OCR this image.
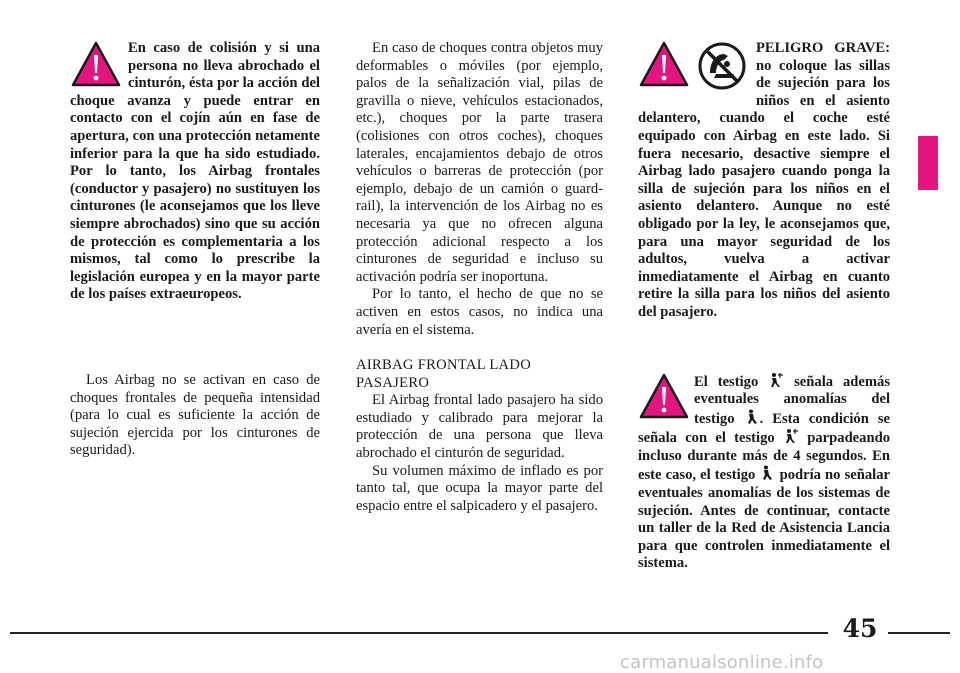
En caso de colisión y si una persona no lleva abrochado el cinturón, ésta por la acción del choque avanza y puede entrar en contacto con el cojín aún en fase de apertura, con una protección netamente inferior para la que ha sido estudiado. Por lo tanto, los Airbag frontales (conductor y pasajero) no sustituyen los cinturones (le aconsejamos que los lleve siempre abrochados) sino que su acción de protección es complementaria a los mismos, tal como lo prescribe la legislación europea y en la mayor parte de los países extraeuropeos.

Los Airbag no se activan en caso de choques frontales de pequeña intensidad (para lo cual es suficiente la acción de sujeción ejercida por los cinturones de seguridad).

En caso de choques contra objetos muy deformables o móviles (por ejemplo, palos de la señalización vial, pilas de gravilla o nieve, vehículos estacionados, etc.), choques por la parte trasera (colisiones con otros coches), choques laterales, encajamientos debajo de otros vehículos o barreras de protección (por ejemplo, debajo de un camión o guard-rail), la intervención de los Airbag no es necesaria ya que no ofrecen alguna protección adicional respecto a los cinturones de seguridad e incluso su activación podría ser inoportuna.

Por lo tanto, el hecho de que no se activen en estos casos, no indica una avería en el sistema.

AIRBAG FRONTAL LADO
PASAJERO

El Airbag frontal lado pasajero ha sido estudiado y calibrado para mejorar la protección de una persona que lleva abrochado el cinturón de seguridad.

Su volumen máximo de inflado es por tanto tal, que ocupa la mayor parte del espacio entre el salpicadero y el pasajero.

PELIGRO GRAVE: no coloque las sillas de sujeción para los niños en el asiento delantero, cuando el coche esté equipado con Airbag en este lado. Si fuera necesario, desactive siempre el Airbag lado pasajero cuando ponga la silla de sujeción para los niños en el asiento delantero. Aunque no esté obligado por la ley, le aconsejamos que, para una mayor seguridad de los adultos, vuelva a activar inmediatamente el Airbag en cuanto retire la silla para los niños del asiento del pasajero.

El testigo señala además eventuales anomalías del testigo . Esta condición se señala con el testigo parpadeando incluso durante más de 4 segundos. En este caso, el testigo podría no señalar eventuales anomalías de los sistemas de sujeción. Antes de continuar, contacte un taller de la Red de Asistencia Lancia para que controlen inmediatamente el sistema.

45
carmanualsonline.info
